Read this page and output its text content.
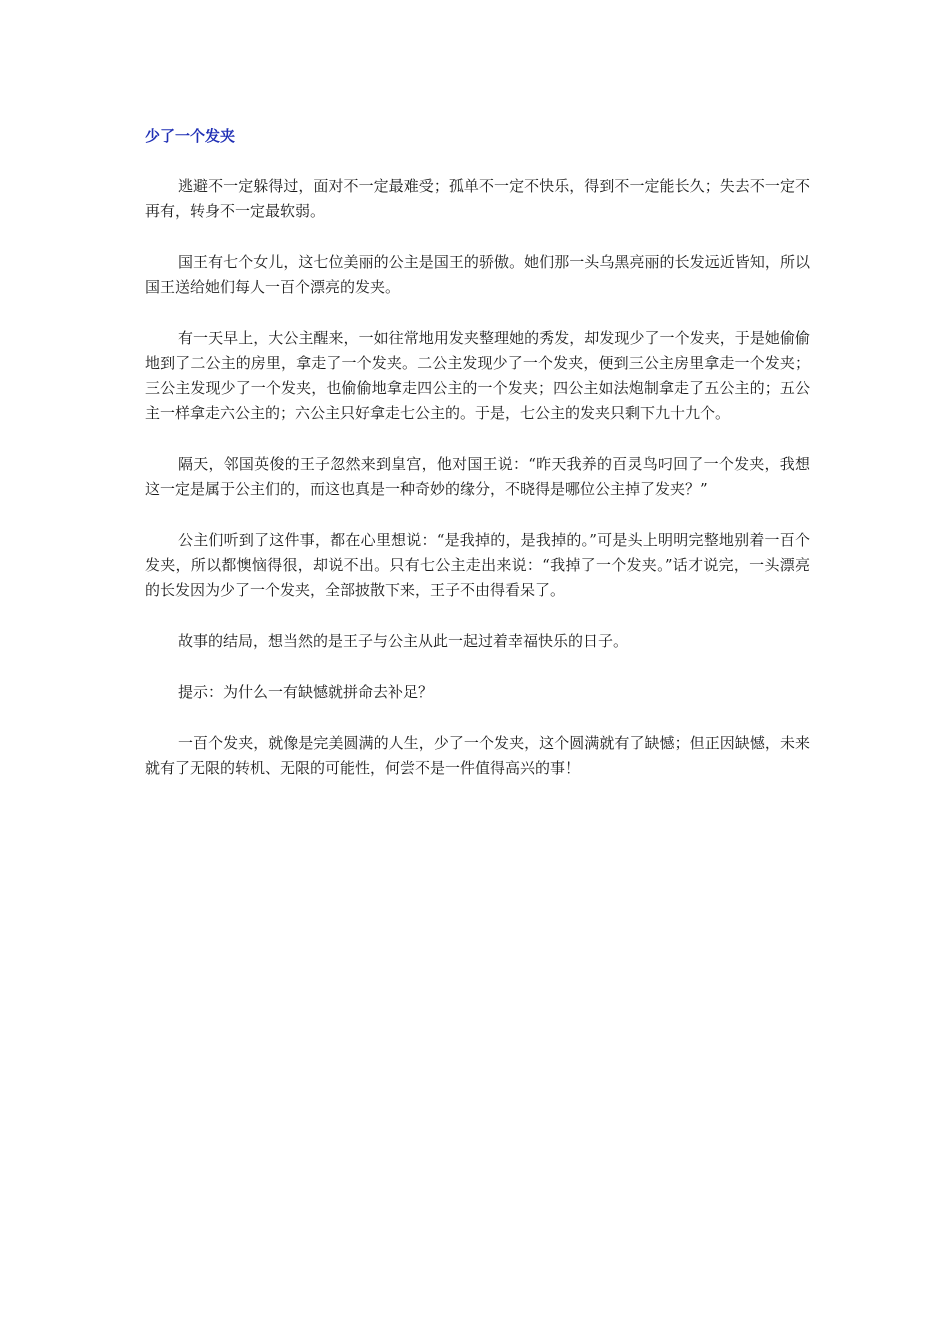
少了一个发夹

逃避不一定躲得过，面对不一定最难受；孤单不一定不快乐，得到不一定能长久；失去不一定不再有，转身不一定最软弱。

国王有七个女儿，这七位美丽的公主是国王的骄傲。她们那一头乌黑亮丽的长发远近皆知，所以国王送给她们每人一百个漂亮的发夹。

有一天早上，大公主醒来，一如往常地用发夹整理她的秀发，却发现少了一个发夹，于是她偷偷地到了二公主的房里，拿走了一个发夹。二公主发现少了一个发夹，便到三公主房里拿走一个发夹；三公主发现少了一个发夹，也偷偷地拿走四公主的一个发夹；四公主如法炮制拿走了五公主的；五公主一样拿走六公主的；六公主只好拿走七公主的。于是，七公主的发夹只剩下九十九个。

隔天，邻国英俊的王子忽然来到皇宫，他对国王说：“昨天我养的百灵鸟叼回了一个发夹，我想这一定是属于公主们的，而这也真是一种奇妙的缘分，不晓得是哪位公主掉了发夹？”

公主们听到了这件事，都在心里想说：“是我掉的，是我掉的。”可是头上明明完整地别着一百个发夹，所以都懊恼得很，却说不出。只有七公主走出来说：“我掉了一个发夹。”话才说完，一头漂亮的长发因为少了一个发夹，全部披散下来，王子不由得看呆了。

故事的结局，想当然的是王子与公主从此一起过着幸福快乐的日子。

提示：为什么一有缺憾就拼命去补足？

一百个发夹，就像是完美圆满的人生，少了一个发夹，这个圆满就有了缺憾；但正因缺憾，未来就有了无限的转机、无限的可能性，何尝不是一件值得高兴的事！
